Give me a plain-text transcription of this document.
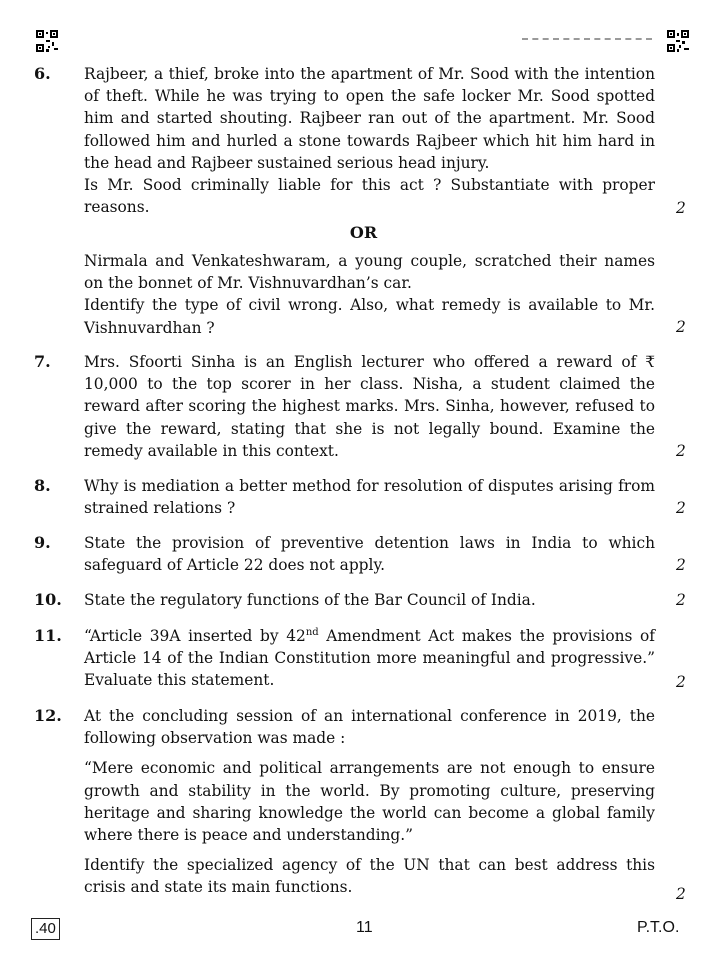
6. Rajbeer, a thief, broke into the apartment of Mr. Sood with the intention of theft. While he was trying to open the safe locker Mr. Sood spotted him and started shouting. Rajbeer ran out of the apartment. Mr. Sood followed him and hurled a stone towards Rajbeer which hit him hard in the head and Rajbeer sustained serious head injury.

Is Mr. Sood criminally liable for this act ? Substantiate with proper reasons.	2
OR

Nirmala and Venkateshwaram, a young couple, scratched their names on the bonnet of Mr. Vishnuvardhan’s car.

Identify the type of civil wrong. Also, what remedy is available to Mr. Vishnuvardhan ?	2
7. Mrs. Sfoorti Sinha is an English lecturer who offered a reward of ₹ 10,000 to the top scorer in her class. Nisha, a student claimed the reward after scoring the highest marks. Mrs. Sinha, however, refused to give the reward, stating that she is not legally bound. Examine the remedy available in this context.	2
8. Why is mediation a better method for resolution of disputes arising from strained relations ?	2
9. State the provision of preventive detention laws in India to which safeguard of Article 22 does not apply.	2
10. State the regulatory functions of the Bar Council of India.	2
11. “Article 39A inserted by 42nd Amendment Act makes the provisions of Article 14 of the Indian Constitution more meaningful and progressive.” Evaluate this statement.	2
12. At the concluding session of an international conference in 2019, the following observation was made :

“Mere economic and political arrangements are not enough to ensure growth and stability in the world. By promoting culture, preserving heritage and sharing knowledge the world can become a global family where there is peace and understanding.”

Identify the specialized agency of the UN that can best address this crisis and state its main functions.	2
.40	11	P.T.O.
